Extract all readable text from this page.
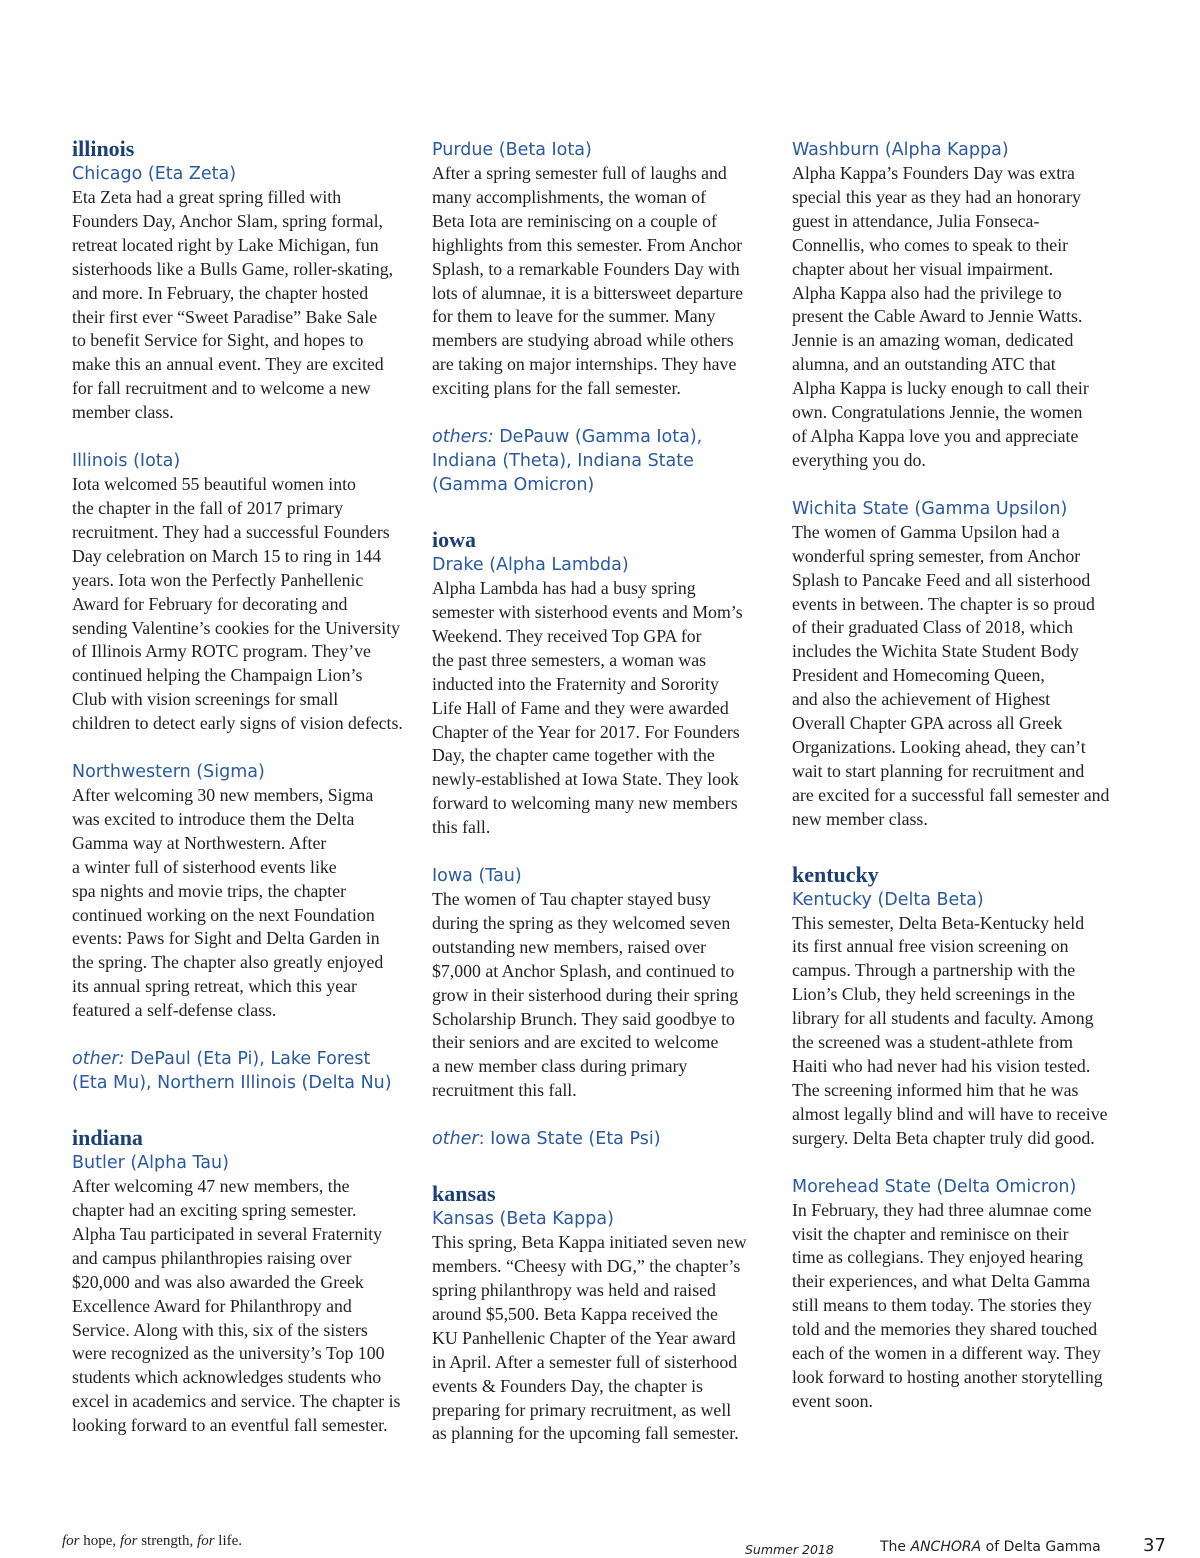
illinois

Chicago (Eta Zeta)

Eta Zeta had a great spring filled with
Founders Day, Anchor Slam, spring formal,
retreat located right by Lake Michigan, fun
sisterhoods like a Bulls Game, roller-skating,
and more. In February, the chapter hosted
their first ever “Sweet Paradise” Bake Sale
to benefit Service for Sight, and hopes to
make this an annual event. They are excited
for fall recruitment and to welcome a new
member class.

Illinois (Iota)

Iota welcomed 55 beautiful women into
the chapter in the fall of 2017 primary
recruitment. They had a successful Founders
Day celebration on March 15 to ring in 144
years. Iota won the Perfectly Panhellenic
Award for February for decorating and
sending Valentine’s cookies for the University
of Illinois Army ROTC program. They’ve
continued helping the Champaign Lion’s
Club with vision screenings for small
children to detect early signs of vision defects.

Northwestern (Sigma)

After welcoming 30 new members, Sigma
was excited to introduce them the Delta
Gamma way at Northwestern. After
a winter full of sisterhood events like
spa nights and movie trips, the chapter
continued working on the next Foundation
events: Paws for Sight and Delta Garden in
the spring. The chapter also greatly enjoyed
its annual spring retreat, which this year
featured a self-defense class.

other: DePaul (Eta Pi), Lake Forest
(Eta Mu), Northern Illinois (Delta Nu)

indiana

Butler (Alpha Tau)

After welcoming 47 new members, the
chapter had an exciting spring semester.
Alpha Tau participated in several Fraternity
and campus philanthropies raising over
$20,000 and was also awarded the Greek
Excellence Award for Philanthropy and
Service. Along with this, six of the sisters
were recognized as the university’s Top 100
students which acknowledges students who
excel in academics and service. The chapter is
looking forward to an eventful fall semester.

Purdue (Beta Iota)

After a spring semester full of laughs and
many accomplishments, the woman of
Beta Iota are reminiscing on a couple of
highlights from this semester. From Anchor
Splash, to a remarkable Founders Day with
lots of alumnae, it is a bittersweet departure
for them to leave for the summer. Many
members are studying abroad while others
are taking on major internships. They have
exciting plans for the fall semester.

others: DePauw (Gamma Iota),
Indiana (Theta), Indiana State
(Gamma Omicron)

iowa

Drake (Alpha Lambda)

Alpha Lambda has had a busy spring
semester with sisterhood events and Mom’s
Weekend. They received Top GPA for
the past three semesters, a woman was
inducted into the Fraternity and Sorority
Life Hall of Fame and they were awarded
Chapter of the Year for 2017. For Founders
Day, the chapter came together with the
newly-established at Iowa State. They look
forward to welcoming many new members
this fall.

Iowa (Tau)

The women of Tau chapter stayed busy
during the spring as they welcomed seven
outstanding new members, raised over
$7,000 at Anchor Splash, and continued to
grow in their sisterhood during their spring
Scholarship Brunch. They said goodbye to
their seniors and are excited to welcome
a new member class during primary
recruitment this fall.

other: Iowa State (Eta Psi)

kansas

Kansas (Beta Kappa)

This spring, Beta Kappa initiated seven new
members. “Cheesy with DG,” the chapter’s
spring philanthropy was held and raised
around $5,500. Beta Kappa received the
KU Panhellenic Chapter of the Year award
in April. After a semester full of sisterhood
events & Founders Day, the chapter is
preparing for primary recruitment, as well
as planning for the upcoming fall semester.

Washburn (Alpha Kappa)

Alpha Kappa’s Founders Day was extra
special this year as they had an honorary
guest in attendance, Julia Fonseca-
Connellis, who comes to speak to their
chapter about her visual impairment.
Alpha Kappa also had the privilege to
present the Cable Award to Jennie Watts.
Jennie is an amazing woman, dedicated
alumna, and an outstanding ATC that
Alpha Kappa is lucky enough to call their
own. Congratulations Jennie, the women
of Alpha Kappa love you and appreciate
everything you do.

Wichita State (Gamma Upsilon)

The women of Gamma Upsilon had a
wonderful spring semester, from Anchor
Splash to Pancake Feed and all sisterhood
events in between. The chapter is so proud
of their graduated Class of 2018, which
includes the Wichita State Student Body
President and Homecoming Queen,
and also the achievement of Highest
Overall Chapter GPA across all Greek
Organizations. Looking ahead, they can’t
wait to start planning for recruitment and
are excited for a successful fall semester and
new member class.

kentucky

Kentucky (Delta Beta)

This semester, Delta Beta-Kentucky held
its first annual free vision screening on
campus. Through a partnership with the
Lion’s Club, they held screenings in the
library for all students and faculty. Among
the screened was a student-athlete from
Haiti who had never had his vision tested.
The screening informed him that he was
almost legally blind and will have to receive
surgery. Delta Beta chapter truly did good.

Morehead State (Delta Omicron)

In February, they had three alumnae come
visit the chapter and reminisce on their
time as collegians. They enjoyed hearing
their experiences, and what Delta Gamma
still means to them today. The stories they
told and the memories they shared touched
each of the women in a different way. They
look forward to hosting another storytelling
event soon.
for hope, for strength, for life.
Summer 2018	The ANCHORA of Delta Gamma 37
